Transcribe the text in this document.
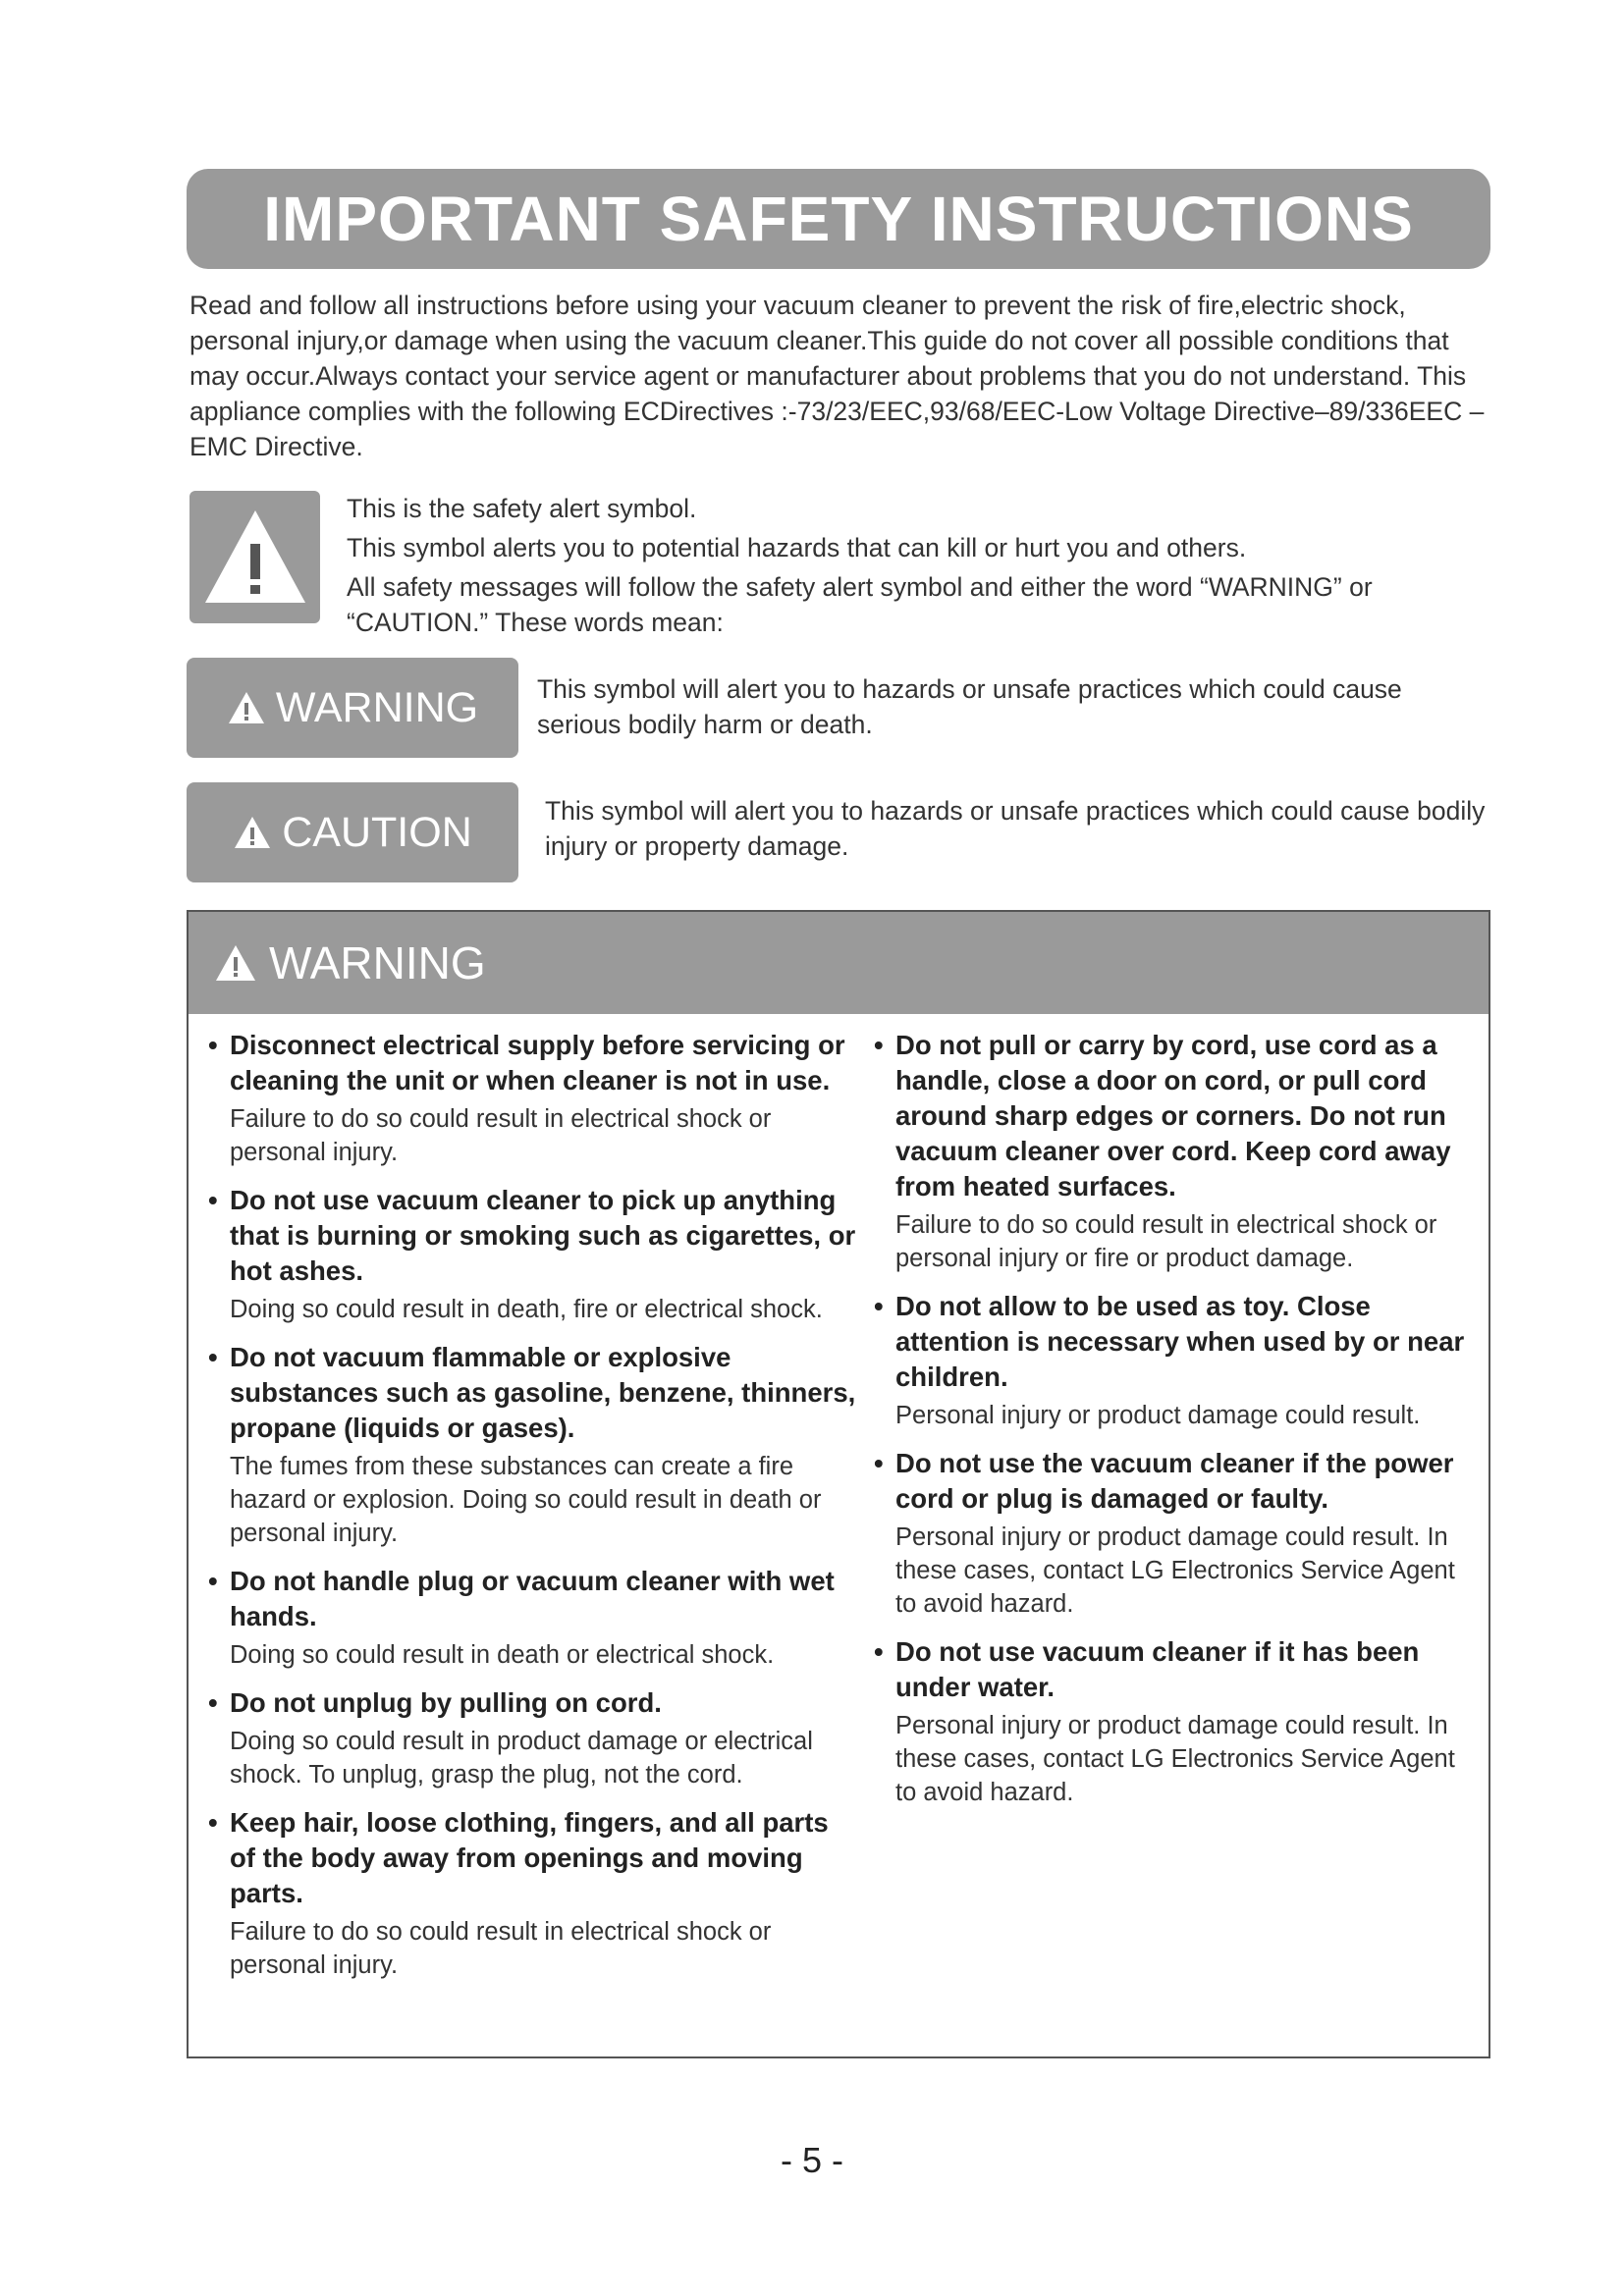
IMPORTANT SAFETY INSTRUCTIONS
Read and follow all instructions before using your vacuum cleaner to prevent the risk of fire,electric shock, personal injury,or damage when using the vacuum cleaner.This guide do not cover all possible conditions that may occur.Always contact your service agent or manufacturer about problems that you do not understand. This appliance complies with the following ECDirectives :-73/23/EEC,93/68/EEC-Low Voltage Directive–89/336EEC –EMC Directive.
This is the safety alert symbol.
This symbol alerts you to potential hazards that can kill or hurt you and others.
All safety messages will follow the safety alert symbol and either the word “WARNING” or “CAUTION.” These words mean:
WARNING This symbol will alert you to hazards or unsafe practices which could cause serious bodily harm or death.
CAUTION	This symbol will alert you to hazards or unsafe practices which could cause bodily injury or property damage.
WARNING
• Disconnect electrical supply before servicing or cleaning the unit or when cleaner is not in use.
Failure to do so could result in electrical shock or personal injury.
• Do not use vacuum cleaner to pick up anything that is burning or smoking such as cigarettes, or hot ashes.
Doing so could result in death, fire or electrical shock.
• Do not vacuum flammable or explosive substances such as gasoline, benzene, thinners, propane (liquids or gases).
The fumes from these substances can create a fire hazard or explosion. Doing so could result in death or personal injury.
• Do not handle plug or vacuum cleaner with wet hands.
Doing so could result in death or electrical shock.
• Do not unplug by pulling on cord.
Doing so could result in product damage or electrical shock. To unplug, grasp the plug, not the cord.
• Keep hair, loose clothing, fingers, and all parts of the body away from openings and moving parts.
Failure to do so could result in electrical shock or personal injury.
• Do not pull or carry by cord, use cord as a handle, close a door on cord, or pull cord around sharp edges or corners. Do not run vacuum cleaner over cord. Keep cord away from heated surfaces.
Failure to do so could result in electrical shock or personal injury or fire or product damage.
• Do not allow to be used as toy. Close attention is necessary when used by or near children.
Personal injury or product damage could result.
• Do not use the vacuum cleaner if the power cord or plug is damaged or faulty.
Personal injury or product damage could result. In these cases, contact LG Electronics Service Agent to avoid hazard.
• Do not use vacuum cleaner if it has been under water.
Personal injury or product damage could result. In these cases, contact LG Electronics Service Agent to avoid hazard.
- 5 -
